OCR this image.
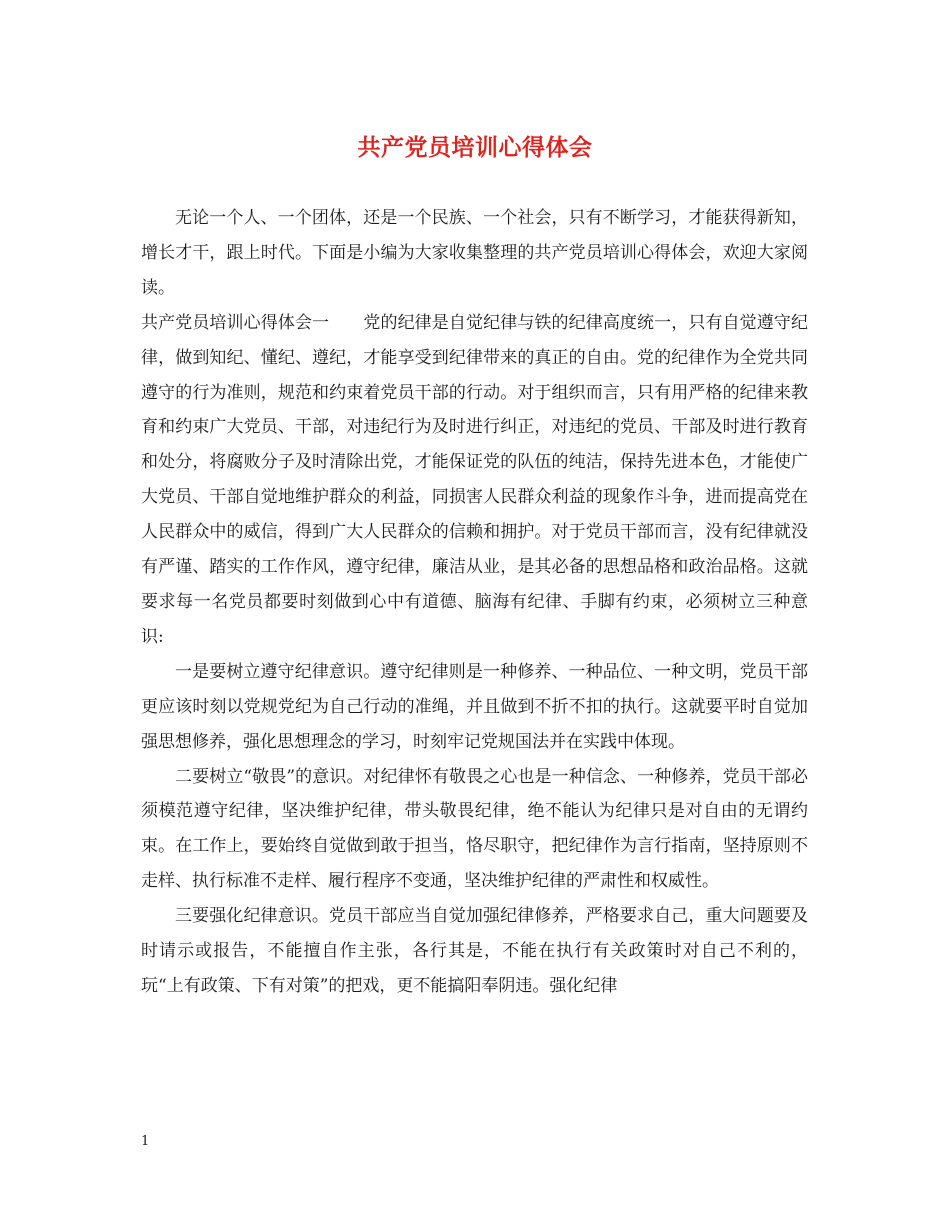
共产党员培训心得体会

无论一个人、一个团体，还是一个民族、一个社会，只有不断学习，才能获得新知，增长才干，跟上时代。下面是小编为大家收集整理的共产党员培训心得体会，欢迎大家阅读。

共产党员培训心得体会一　　党的纪律是自觉纪律与铁的纪律高度统一，只有自觉遵守纪律，做到知纪、懂纪、遵纪，才能享受到纪律带来的真正的自由。党的纪律作为全党共同遵守的行为准则，规范和约束着党员干部的行动。对于组织而言，只有用严格的纪律来教育和约束广大党员、干部，对违纪行为及时进行纠正，对违纪的党员、干部及时进行教育和处分，将腐败分子及时清除出党，才能保证党的队伍的纯洁，保持先进本色，才能使广大党员、干部自觉地维护群众的利益，同损害人民群众利益的现象作斗争，进而提高党在人民群众中的威信，得到广大人民群众的信赖和拥护。对于党员干部而言，没有纪律就没有严谨、踏实的工作作风，遵守纪律，廉洁从业，是其必备的思想品格和政治品格。这就要求每一名党员都要时刻做到心中有道德、脑海有纪律、手脚有约束，必须树立三种意识:

一是要树立遵守纪律意识。遵守纪律则是一种修养、一种品位、一种文明，党员干部更应该时刻以党规党纪为自己行动的准绳，并且做到不折不扣的执行。这就要平时自觉加强思想修养，强化思想理念的学习，时刻牢记党规国法并在实践中体现。

二要树立“敬畏”的意识。对纪律怀有敬畏之心也是一种信念、一种修养，党员干部必须模范遵守纪律，坚决维护纪律，带头敬畏纪律，绝不能认为纪律只是对自由的无谓约束。在工作上，要始终自觉做到敢于担当，恪尽职守，把纪律作为言行指南，坚持原则不走样、执行标准不走样、履行程序不变通，坚决维护纪律的严肃性和权威性。

三要强化纪律意识。党员干部应当自觉加强纪律修养，严格要求自己，重大问题要及时请示或报告，不能擅自作主张，各行其是，不能在执行有关政策时对自己不利的，玩“上有政策、下有对策”的把戏，更不能搞阳奉阴违。强化纪律

1
